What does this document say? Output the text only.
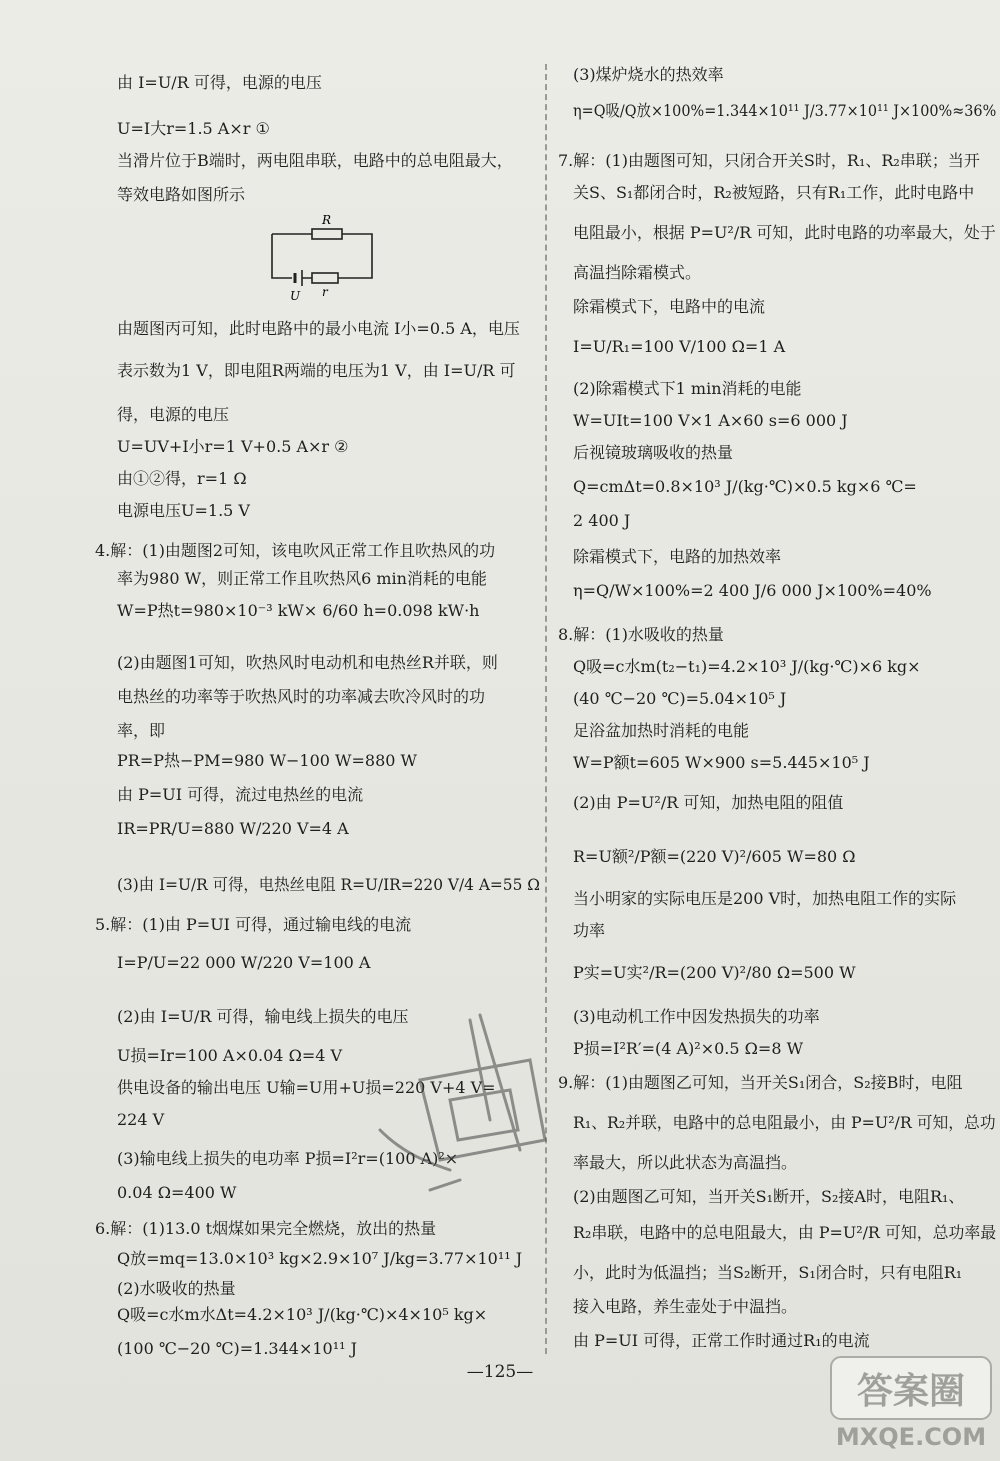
由 I=U/R 可得，电源的电压
U=I大r=1.5 A×r ①
当滑片位于B端时，两电阻串联，电路中的总电阻最大，
等效电路如图所示
由题图丙可知，此时电路中的最小电流 I小=0.5 A，电压
表示数为1 V，即电阻R两端的电压为1 V，由 I=U/R 可
得，电源的电压
U=UV+I小r=1 V+0.5 A×r ②
由①②得，r=1 Ω
电源电压U=1.5 V
4.解：(1)由题图2可知，该电吹风正常工作且吹热风的功
率为980 W，则正常工作且吹热风6 min消耗的电能
W=P热t=980×10⁻³ kW× 6/60 h=0.098 kW·h
(2)由题图1可知，吹热风时电动机和电热丝R并联，则
电热丝的功率等于吹热风时的功率减去吹冷风时的功
率，即
PR=P热−PM=980 W−100 W=880 W
由 P=UI 可得，流过电热丝的电流
IR=PR/U=880 W/220 V=4 A
(3)由 I=U/R 可得，电热丝电阻 R=U/IR=220 V/4 A=55 Ω
5.解：(1)由 P=UI 可得，通过输电线的电流
I=P/U=22 000 W/220 V=100 A
(2)由 I=U/R 可得，输电线上损失的电压
U损=Ir=100 A×0.04 Ω=4 V
供电设备的输出电压 U输=U用+U损=220 V+4 V=
224 V
(3)输电线上损失的电功率 P损=I²r=(100 A)²×
0.04 Ω=400 W
6.解：(1)13.0 t烟煤如果完全燃烧，放出的热量
Q放=mq=13.0×10³ kg×2.9×10⁷ J/kg=3.77×10¹¹ J
(2)水吸收的热量
Q吸=c水m水Δt=4.2×10³ J/(kg·℃)×4×10⁵ kg×
(100 ℃−20 ℃)=1.344×10¹¹ J
(3)煤炉烧水的热效率
η=Q吸/Q放×100%=1.344×10¹¹ J/3.77×10¹¹ J×100%≈36%
7.解：(1)由题图可知，只闭合开关S时，R₁、R₂串联；当开
关S、S₁都闭合时，R₂被短路，只有R₁工作，此时电路中
电阻最小，根据 P=U²/R 可知，此时电路的功率最大，处于
高温挡除霜模式。
除霜模式下，电路中的电流
I=U/R₁=100 V/100 Ω=1 A
(2)除霜模式下1 min消耗的电能
W=UIt=100 V×1 A×60 s=6 000 J
后视镜玻璃吸收的热量
Q=cmΔt=0.8×10³ J/(kg·℃)×0.5 kg×6 ℃=
2 400 J
除霜模式下，电路的加热效率
η=Q/W×100%=2 400 J/6 000 J×100%=40%
8.解：(1)水吸收的热量
Q吸=c水m(t₂−t₁)=4.2×10³ J/(kg·℃)×6 kg×
(40 ℃−20 ℃)=5.04×10⁵ J
足浴盆加热时消耗的电能
W=P额t=605 W×900 s=5.445×10⁵ J
(2)由 P=U²/R 可知，加热电阻的阻值
R=U额²/P额=(220 V)²/605 W=80 Ω
当小明家的实际电压是200 V时，加热电阻工作的实际
功率
P实=U实²/R=(200 V)²/80 Ω=500 W
(3)电动机工作中因发热损失的功率
P损=I²R′=(4 A)²×0.5 Ω=8 W
9.解：(1)由题图乙可知，当开关S₁闭合，S₂接B时，电阻
R₁、R₂并联，电路中的总电阻最小，由 P=U²/R 可知，总功
率最大，所以此状态为高温挡。
(2)由题图乙可知，当开关S₁断开，S₂接A时，电阻R₁、
R₂串联，电路中的总电阻最大，由 P=U²/R 可知，总功率最
小，此时为低温挡；当S₂断开，S₁闭合时，只有电阻R₁
接入电路，养生壶处于中温挡。
由 P=UI 可得，正常工作时通过R₁的电流
R
r
U
—125—	答案圈
MXQE.COM
